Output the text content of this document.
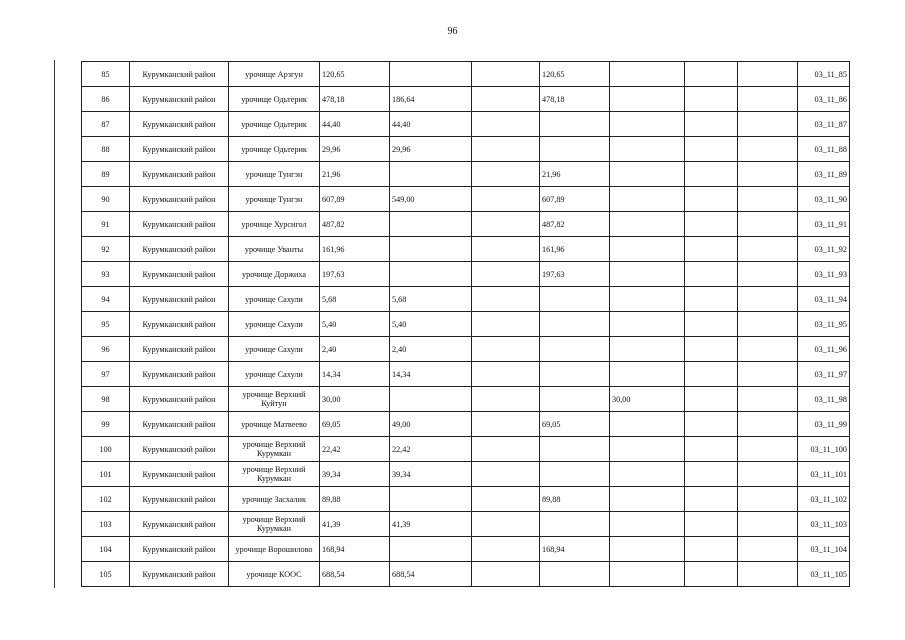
96
85	Курумканский район	урочище Арзгун	120,65			120,65				03_11_85
86	Курумканский район	урочище Одьтерик	478,18	186,64		478,18				03_11_86
87	Курумканский район	урочище Одьтерик	44,40	44,40						03_11_87
88	Курумканский район	урочище Одьтерик	29,96	29,96						03_11_88
89	Курумканский район	урочище Тунгэн	21,96			21,96				03_11_89
90	Курумканский район	урочище Тунгэн	607,89	549,00		607,89				03_11_90
91	Курумканский район	урочище Хурсигол	487,82			487,82				03_11_91
92	Курумканский район	урочище Уванты	161,96			161,96				03_11_92
93	Курумканский район	урочище Доржиха	197,63			197,63				03_11_93
94	Курумканский район	урочище Сахули	5,68	5,68						03_11_94
95	Курумканский район	урочище Сахули	5,40	5,40						03_11_95
96	Курумканский район	урочище Сахули	2,40	2,40						03_11_96
97	Курумканский район	урочище Сахули	14,34	14,34						03_11_97
98	Курумканский район	урочище Верхний Куйтун	30,00				30,00			03_11_98
99	Курумканский район	урочище Матвеево	69,05	49,00		69,05				03_11_99
100	Курумканский район	урочище Верхний Курумкан	22,42	22,42						03_11_100
101	Курумканский район	урочище Верхний Курумкан	39,34	39,34						03_11_101
102	Курумканский район	урочище Засхалик	89,88			89,88				03_11_102
103	Курумканский район	урочище Верхний Курумкан	41,39	41,39						03_11_103
104	Курумканский район	урочище Ворошилово	168,94			168,94				03_11_104
105	Курумканский район	урочище КООС	688,54	688,54						03_11_105
